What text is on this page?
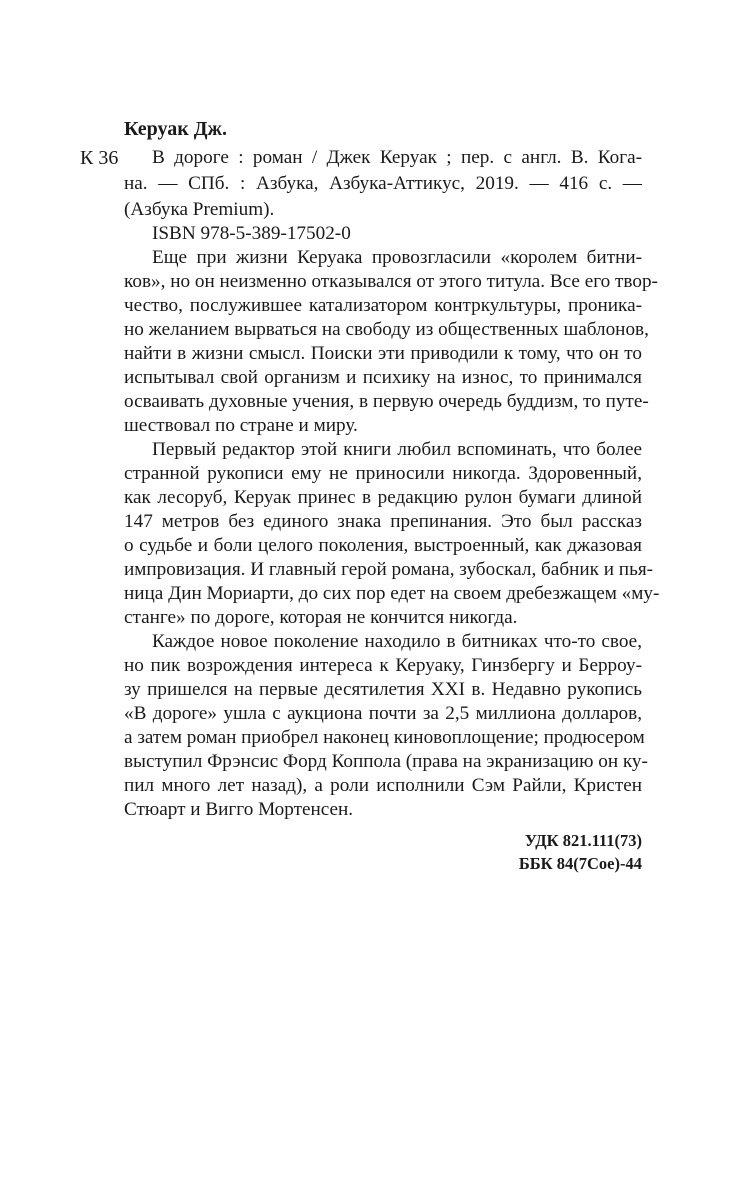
Керуак Дж.
К 36 В дороге : роман / Джек Керуак ; пер. с англ. В. Кога-
на. — СПб. : Азбука, Азбука-Аттикус, 2019. — 416 с. —
(Азбука Premium).
ISBN 978-5-389-17502-0
Еще при жизни Керуака провозгласили «королем битни-
ков», но он неизменно отказывался от этого титула. Все его твор-
чество, послужившее катализатором контркультуры, проника-
но желанием вырваться на свободу из общественных шаблонов,
найти в жизни смысл. Поиски эти приводили к тому, что он то
испытывал свой организм и психику на износ, то принимался
осваивать духовные учения, в первую очередь буддизм, то путе-
шествовал по стране и миру.
Первый редактор этой книги любил вспоминать, что более
странной рукописи ему не приносили никогда. Здоровенный,
как лесоруб, Керуак принес в редакцию рулон бумаги длиной
147 метров без единого знака препинания. Это был рассказ
о судьбе и боли целого поколения, выстроенный, как джазовая
импровизация. И главный герой романа, зубоскал, бабник и пья-
ница Дин Мориарти, до сих пор едет на своем дребезжащем «му-
станге» по дороге, которая не кончится никогда.
Каждое новое поколение находило в битниках что-то свое,
но пик возрождения интереса к Керуаку, Гинзбергу и Берроу-
зу пришелся на первые десятилетия XXI в. Недавно рукопись
«В дороге» ушла с аукциона почти за 2,5 миллиона долларов,
а затем роман приобрел наконец киновоплощение; продюсером
выступил Фрэнсис Форд Коппола (права на экранизацию он ку-
пил много лет назад), а роли исполнили Сэм Райли, Кристен
Стюарт и Вигго Мортенсен.
УДК 821.111(73)
ББК 84(7Сое)-44
